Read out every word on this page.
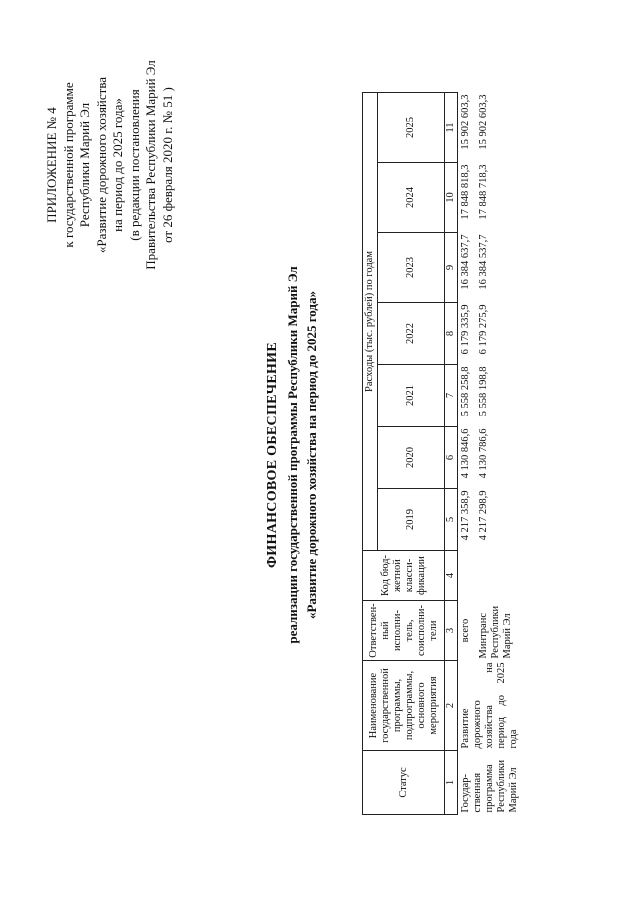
ПРИЛОЖЕНИЕ № 4 к государственной программе Республики Марий Эл «Развитие дорожного хозяйства на период до 2025 года» (в редакции постановления Правительства Республики Марий Эл от 26 февраля 2020 г. № 51 )
ФИНАНСОВОЕ ОБЕСПЕЧЕНИЕ реализации государственной программы Республики Марий Эл «Развитие дорожного хозяйства на период до 2025 года»
Статус	Наименование государственной программы, подпрограммы, основного мероприятия	Ответствен-ный исполни-тель, соисполни-тели	Код бюд-жетной класси-фикации	Расходы (тыс. рублей) по годам						
				2019	2020	2021	2022	2023	2024	2025
1	2	3	4	5	6	7	8	9	10	11
Государ-ственная программа Республики Марий Эл	Развитие дорожного хозяйства на период до 2025 года	всего		4 217 358,9	4 130 846,6	5 558 258,8	6 179 335,9	16 384 637,7	17 848 818,3	15 902 603,3
		Минтранс Республики Марий Эл		4 217 298,9	4 130 786,6	5 558 198,8	6 179 275,9	16 384 537,7	17 848 718,3	15 902 603,3
